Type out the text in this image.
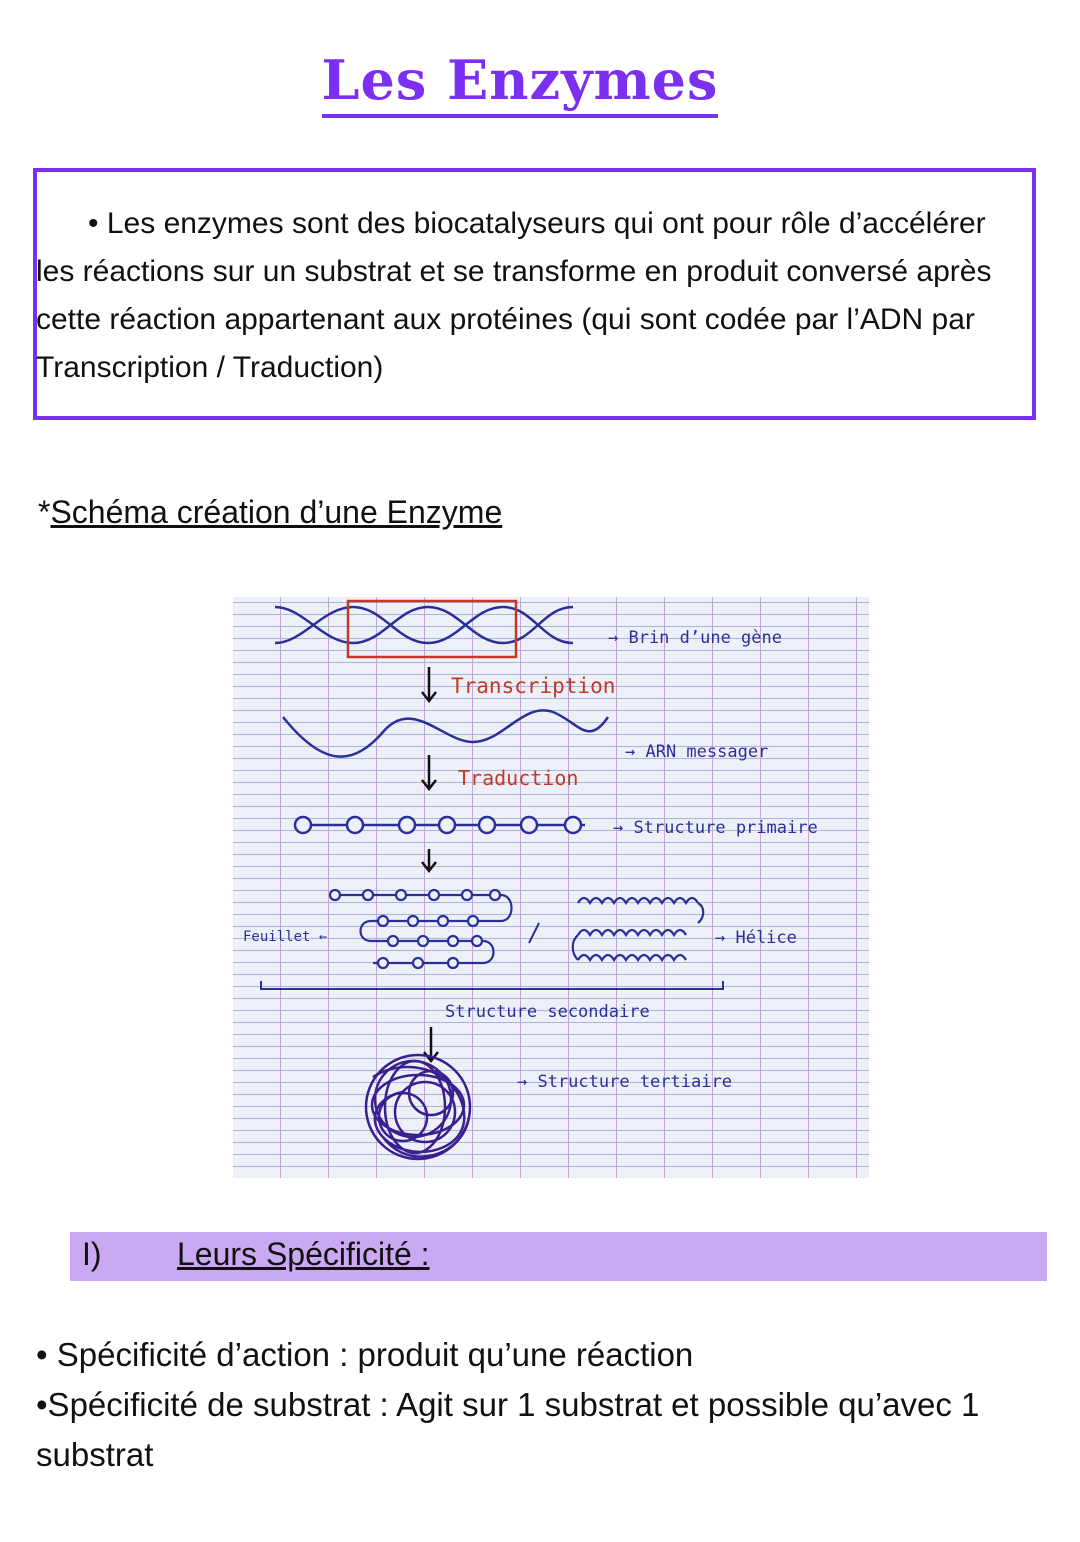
Les Enzymes
• Les enzymes sont des biocatalyseurs qui ont pour rôle d’accélérer les réactions sur un substrat et se transforme en produit conversé après cette réaction appartenant aux protéines (qui sont codée par l’ADN par Transcription / Traduction)
*Schéma création d’une Enzyme
→ Brin d’une gène
Transcription
→ ARN messager
Traduction
→ Structure primaire
Feuillet ←	→ Hélice
Structure secondaire
→ Structure tertiaire
I) Leurs Spécificité :

• Spécificité d’action : produit qu’une réaction

•Spécificité de substrat : Agit sur 1 substrat et possible qu’avec 1 substrat
